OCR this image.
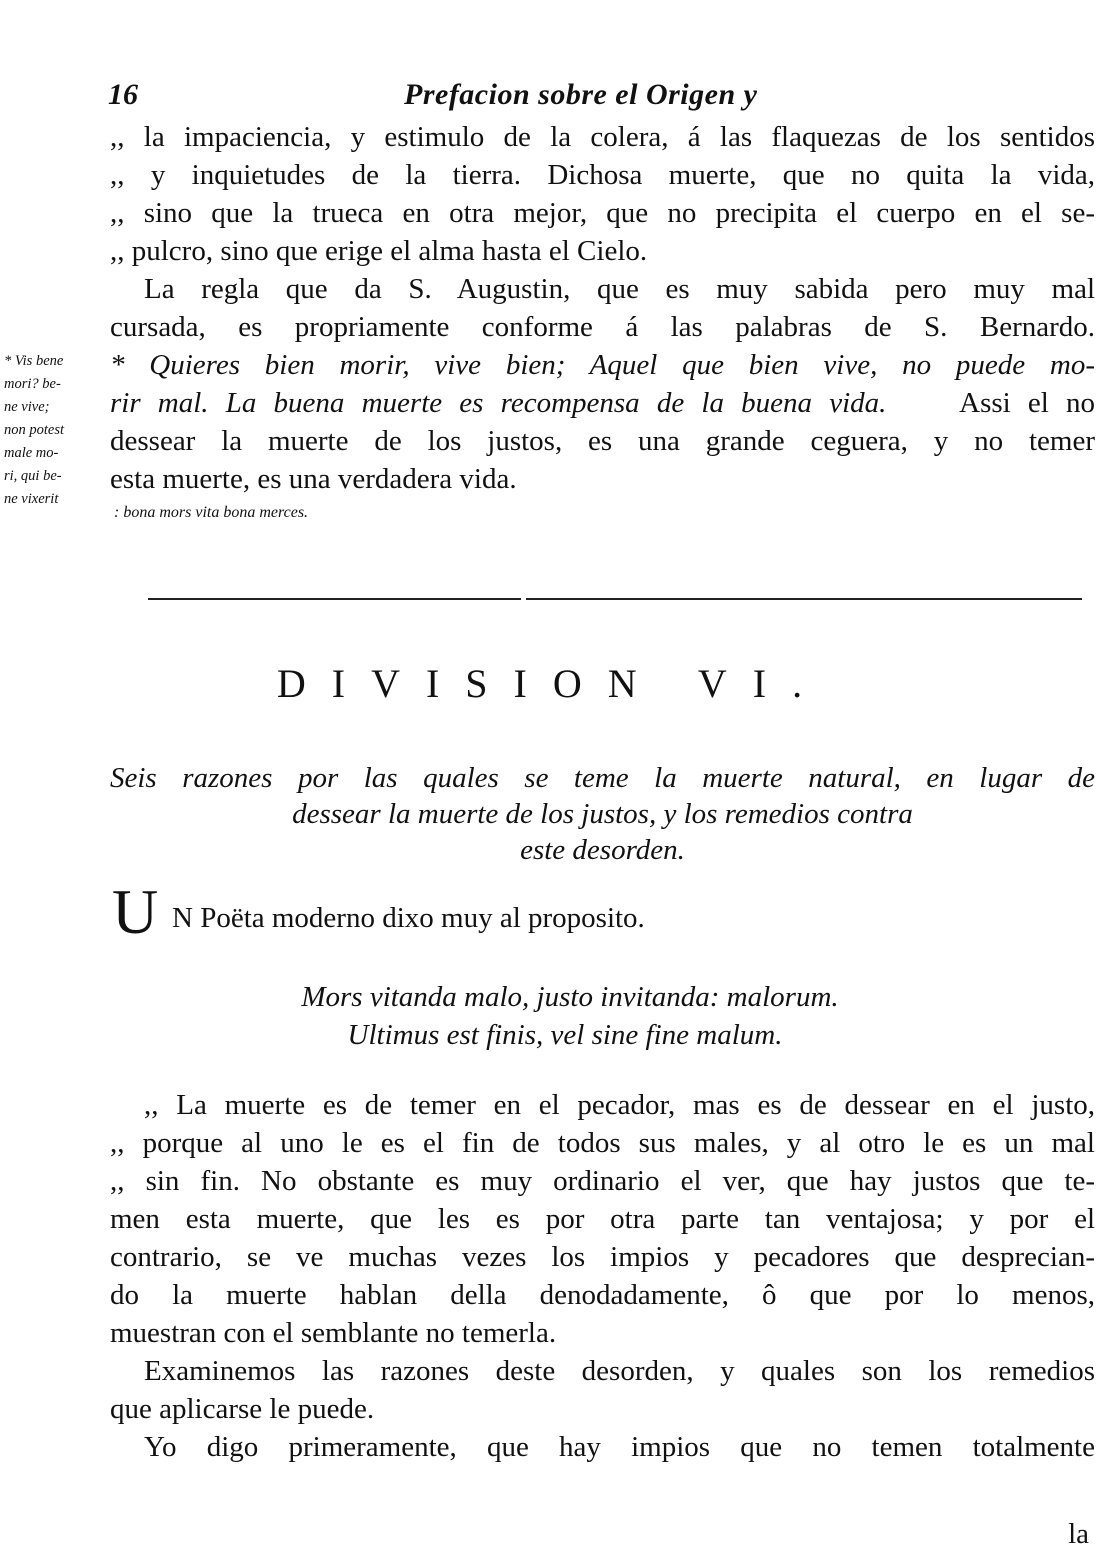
16	Prefacion sobre el Origen y
,, la impaciencia, y estimulo de la colera, á las flaquezas de los sentidos
,, y inquietudes de la tierra. Dichosa muerte, que no quita la vida,
,, sino que la trueca en otra mejor, que no precipita el cuerpo en el se-
,, pulcro, sino que erige el alma hasta el Cielo.
La regla que da S. Augustin, que es muy sabida pero muy mal
cursada, es propriamente conforme á las palabras de S. Bernardo.
* Quieres bien morir, vive bien; Aquel que bien vive, no puede mo-
rir mal. La buena muerte es recompensa de la buena vida.	Assi el no
dessear la muerte de los justos, es una grande ceguera, y no temer
esta muerte, es una verdadera vida.
: bona mors vita bona merces.
* Vis bene
mori? be-
ne vive;
non potest
male mo-
ri, qui be-
ne vixerit
DIVISION VI.
Seis razones por las quales se teme la muerte natural, en lugar de
dessear la muerte de los justos, y los remedios contra
este desorden.
U N Poëta moderno dixo muy al proposito.
Mors vitanda malo, justo invitanda: malorum.
Ultimus est finis, vel sine fine malum.
,, La muerte es de temer en el pecador, mas es de dessear en el justo,
,, porque al uno le es el fin de todos sus males, y al otro le es un mal
,, sin fin. No obstante es muy ordinario el ver, que hay justos que te-
men esta muerte, que les es por otra parte tan ventajosa; y por el
contrario, se ve muchas vezes los impios y pecadores que desprecian-
do la muerte hablan della denodadamente, ô que por lo menos,
muestran con el semblante no temerla.
Examinemos las razones deste desorden, y quales son los remedios
que aplicarse le puede.
Yo digo primeramente, que hay impios que no temen totalmente
la
